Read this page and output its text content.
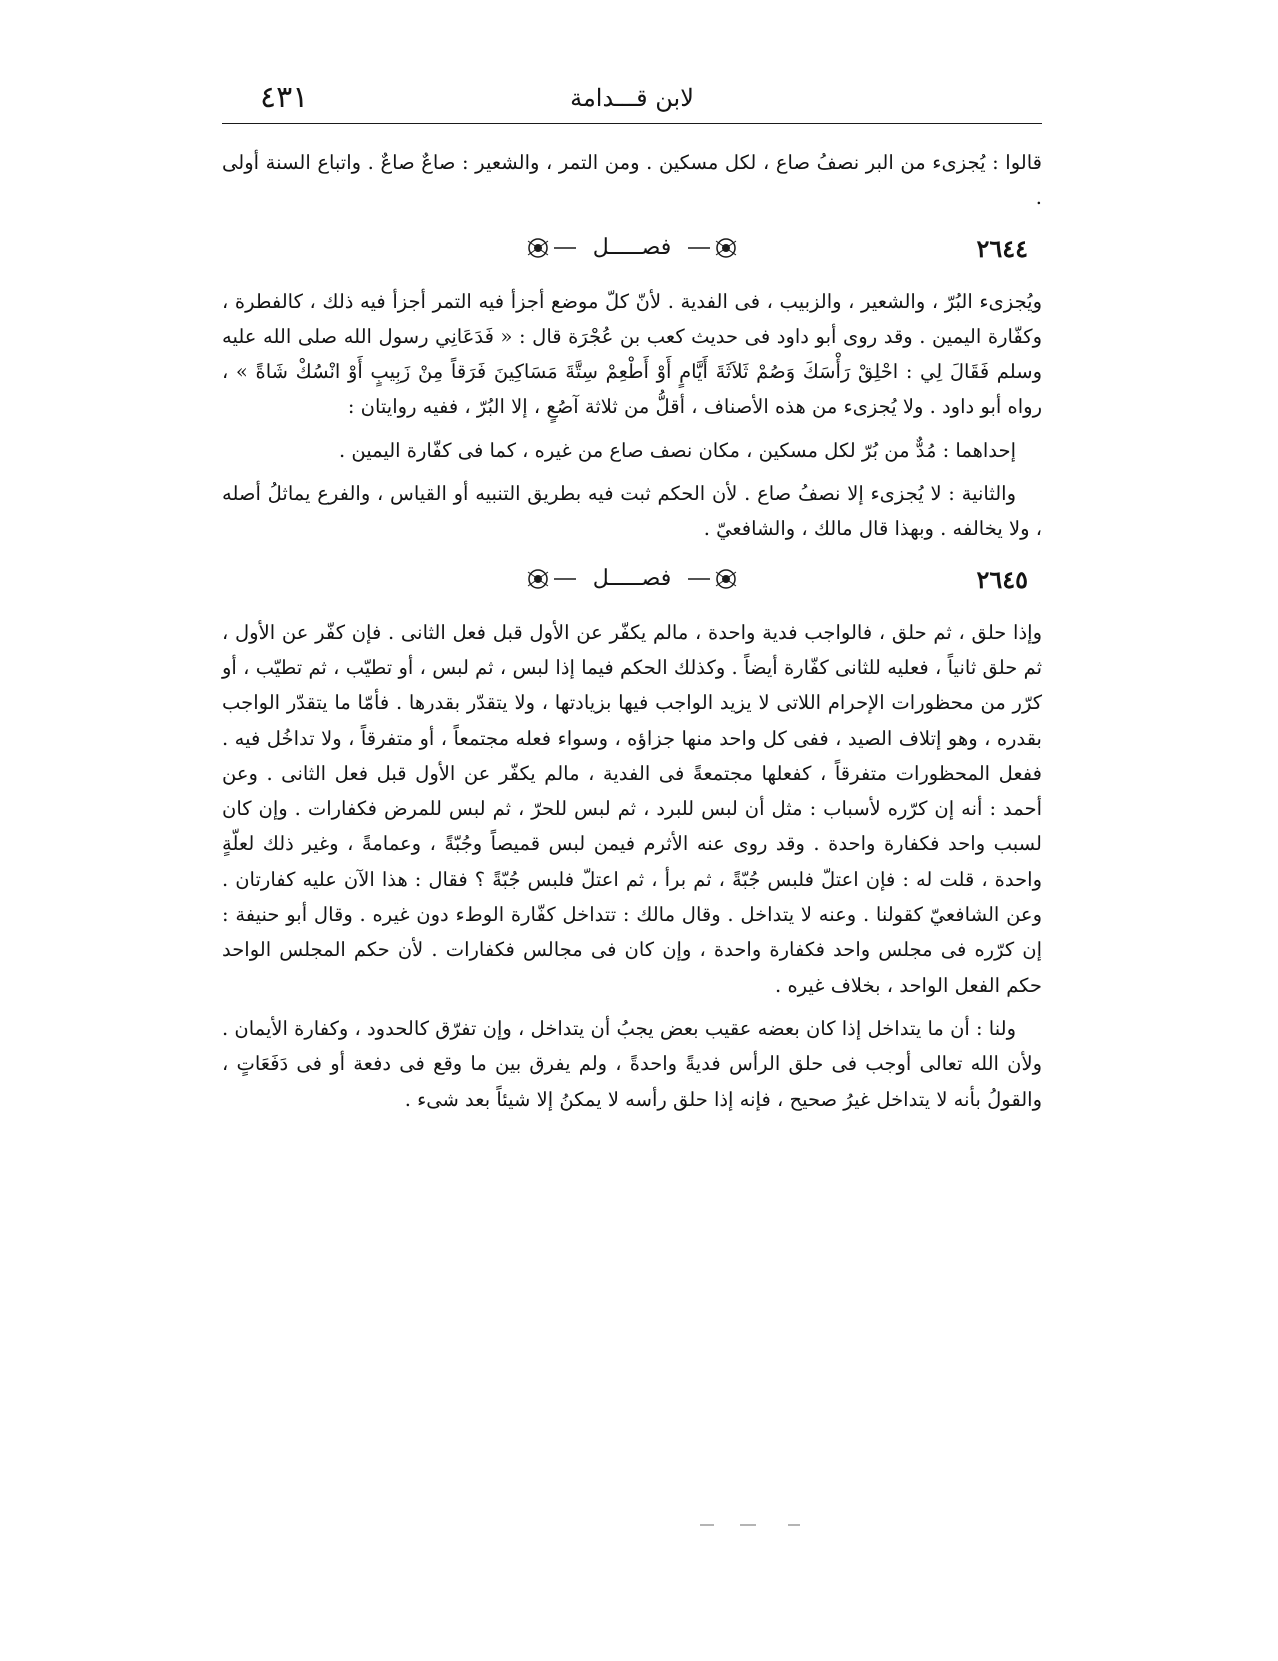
٤٣١	لابن قـــدامة

قالوا : يُجزىء من البر نصفُ صاع ، لكل مسكين . ومن التمر ، والشعير : صاعٌ صاعٌ . واتباع السنة أولى .

٢٦٤٤
فصـــــل

ويُجزىء البُرّ ، والشعير ، والزبيب ، فى الفدية . لأنّ كلّ موضع أجزأ فيه التمر أجزأ فيه ذلك ، كالفطرة ، وكفّارة اليمين . وقد روى أبو داود فى حديث كعب بن عُجْرَة قال : « فَدَعَانِي رسول الله صلى الله عليه وسلم فَقَالَ لِي : احْلِقْ رَأْسَكَ وَصُمْ ثَلاَثَةَ أَيَّامٍ أَوْ أَطْعِمْ سِتَّةَ مَسَاكِينَ فَرَقاً مِنْ زَبِيبٍ أَوْ انْسُكْ شَاةً » ، رواه أبو داود . ولا يُجزىء من هذه الأصناف ، أقلُّ من ثلاثة آصُعٍ ، إلا البُرّ ، ففيه روايتان :

إحداهما : مُدٌّ من بُرّ لكل مسكين ، مكان نصف صاع من غيره ، كما فى كفّارة اليمين .

والثانية : لا يُجزىء إلا نصفُ صاع . لأن الحكم ثبت فيه بطريق التنبيه أو القياس ، والفرع يماثلُ أصله ، ولا يخالفه . وبهذا قال مالك ، والشافعيّ .

٢٦٤٥
فصـــــل

وإذا حلق ، ثم حلق ، فالواجب فدية واحدة ، مالم يكفّر عن الأول قبل فعل الثانى . فإن كفّر عن الأول ، ثم حلق ثانياً ، فعليه للثانى كفّارة أيضاً . وكذلك الحكم فيما إذا لبس ، ثم لبس ، أو تطيّب ، ثم تطيّب ، أو كرّر من محظورات الإحرام اللاتى لا يزيد الواجب فيها بزيادتها ، ولا يتقدّر بقدرها . فأمّا ما يتقدّر الواجب بقدره ، وهو إتلاف الصيد ، ففى كل واحد منها جزاؤه ، وسواء فعله مجتمعاً ، أو متفرقاً ، ولا تداخُل فيه . ففعل المحظورات متفرقاً ، كفعلها مجتمعةً فى الفدية ، مالم يكفّر عن الأول قبل فعل الثانى . وعن أحمد : أنه إن كرّره لأسباب : مثل أن لبس للبرد ، ثم لبس للحرّ ، ثم لبس للمرض فكفارات . وإن كان لسبب واحد فكفارة واحدة . وقد روى عنه الأثرم فيمن لبس قميصاً وجُبّةً ، وعمامةً ، وغير ذلك لعلّةٍ واحدة ، قلت له : فإن اعتلّ فلبس جُبّةً ، ثم برأ ، ثم اعتلّ فلبس جُبّةً ؟ فقال : هذا الآن عليه كفارتان . وعن الشافعيّ كقولنا . وعنه لا يتداخل . وقال مالك : تتداخل كفّارة الوطء دون غيره . وقال أبو حنيفة : إن كرّره فى مجلس واحد فكفارة واحدة ، وإن كان فى مجالس فكفارات . لأن حكم المجلس الواحد حكم الفعل الواحد ، بخلاف غيره .

ولنا : أن ما يتداخل إذا كان بعضه عقيب بعض يجبُ أن يتداخل ، وإن تفرّق كالحدود ، وكفارة الأيمان . ولأن الله تعالى أوجب فى حلق الرأس فديةً واحدةً ، ولم يفرق بين ما وقع فى دفعة أو فى دَفَعَاتٍ ، والقولُ بأنه لا يتداخل غيرُ صحيح ، فإنه إذا حلق رأسه لا يمكنُ إلا شيئاً بعد شىء .
